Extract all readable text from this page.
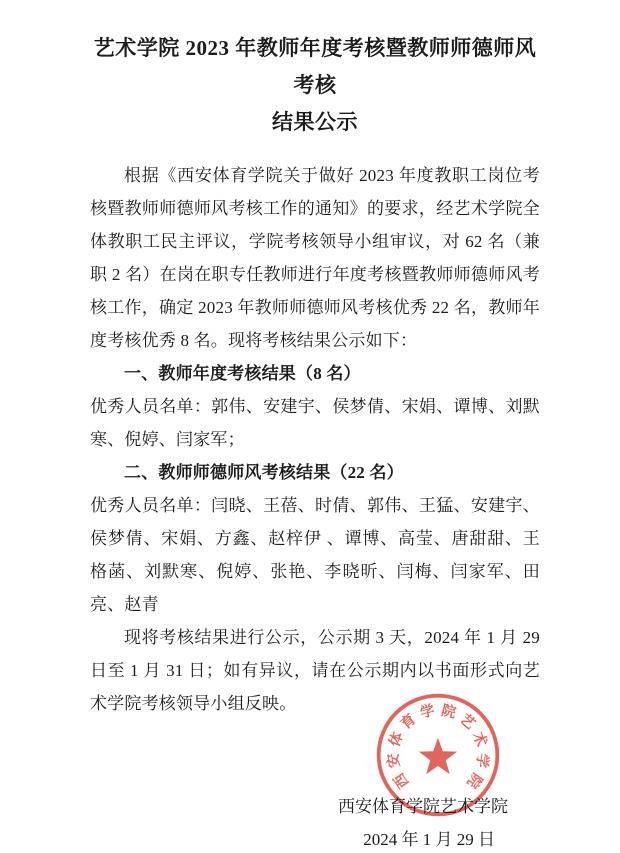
艺术学院 2023 年教师年度考核暨教师师德师风考核
结果公示

根据《西安体育学院关于做好 2023 年度教职工岗位考核暨教师师德师风考核工作的通知》的要求，经艺术学院全体教职工民主评议，学院考核领导小组审议，对 62 名（兼职 2 名）在岗在职专任教师进行年度考核暨教师师德师风考核工作，确定 2023 年教师师德师风考核优秀 22 名，教师年度考核优秀 8 名。现将考核结果公示如下：

一、教师年度考核结果（8 名）

优秀人员名单：郭伟、安建宇、侯梦倩、宋娟、谭博、刘默寒、倪婷、闫家军；

二、教师师德师风考核结果（22 名）

优秀人员名单：闫晓、王蓓、时倩、郭伟、王猛、安建宇、侯梦倩、宋娟、方鑫、赵梓伊 、谭博、高莹、唐甜甜、王格菡、刘默寒、倪婷、张艳、李晓昕、闫梅、闫家军、田亮、赵青

现将考核结果进行公示，公示期 3 天，2024 年 1 月 29 日至 1 月 31 日；如有异议，请在公示期内以书面形式向艺术学院考核领导小组反映。

西安体育学院艺术学院
2024 年 1 月 29 日
西
安
体
育 学 院 艺
术
学
院
